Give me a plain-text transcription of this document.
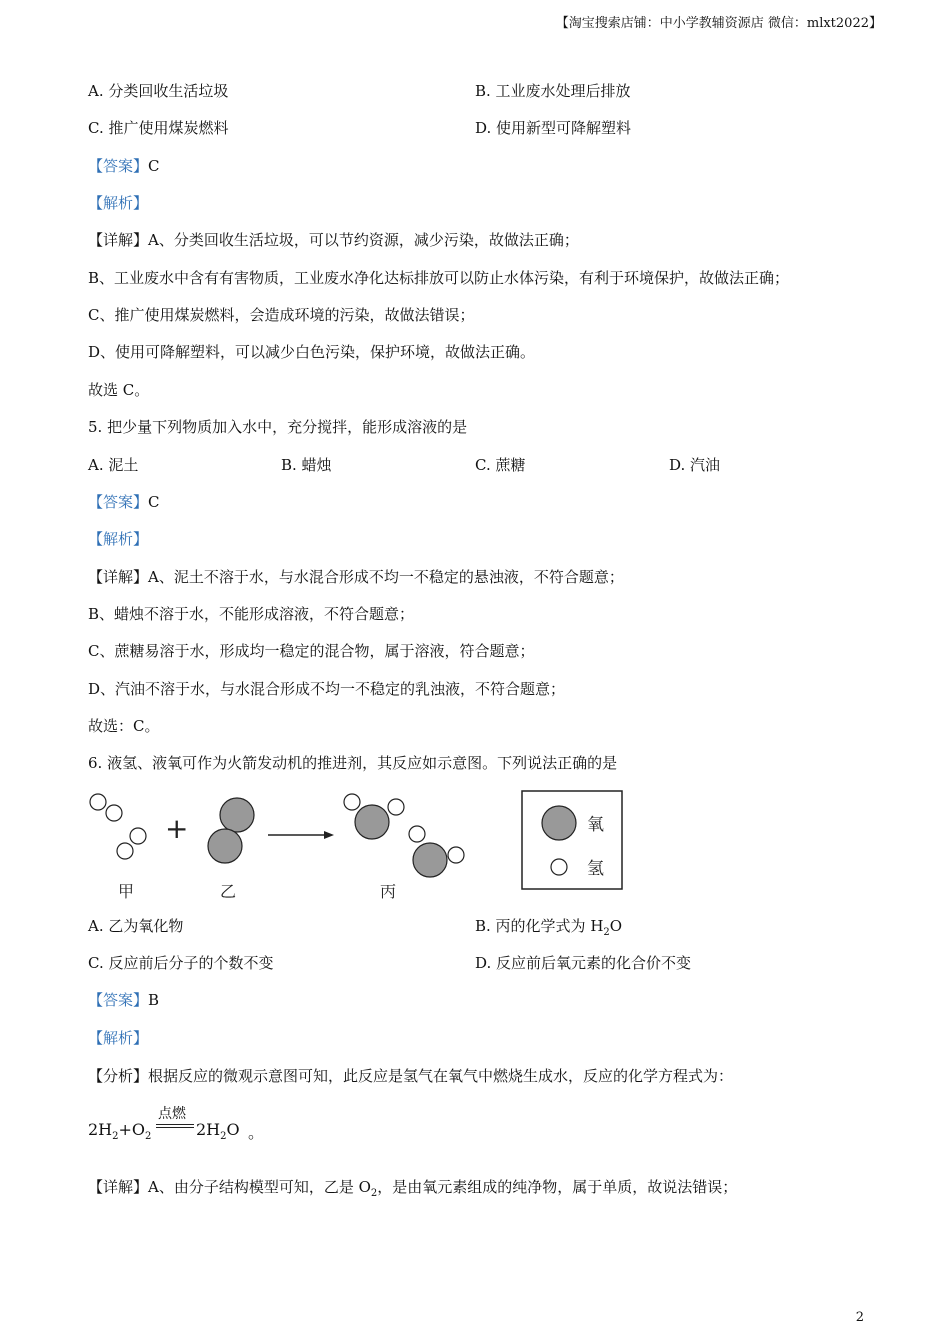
【淘宝搜索店铺：中小学教辅资源店 微信：mlxt2022】
A. 分类回收生活垃圾	B. 工业废水处理后排放
C. 推广使用煤炭燃料	D. 使用新型可降解塑料
【答案】C
【解析】
【详解】A、分类回收生活垃圾，可以节约资源，减少污染，故做法正确；
B、工业废水中含有有害物质，工业废水净化达标排放可以防止水体污染，有利于环境保护，故做法正确；
C、推广使用煤炭燃料，会造成环境的污染，故做法错误；
D、使用可降解塑料，可以减少白色污染，保护环境，故做法正确。
故选 C。
5. 把少量下列物质加入水中，充分搅拌，能形成溶液的是
A. 泥土	B. 蜡烛	C. 蔗糖	D. 汽油
【答案】C
【解析】
【详解】A、泥土不溶于水，与水混合形成不均一不稳定的悬浊液，不符合题意；
B、蜡烛不溶于水，不能形成溶液，不符合题意；
C、蔗糖易溶于水，形成均一稳定的混合物，属于溶液，符合题意；
D、汽油不溶于水，与水混合形成不均一不稳定的乳浊液，不符合题意；
故选：C。
6. 液氢、液氧可作为火箭发动机的推进剂，其反应如示意图。下列说法正确的是
+	氧
氢
甲	乙	丙
A. 乙为氧化物	B. 丙的化学式为 $H_2O$
C. 反应前后分子的个数不变	D. 反应前后氧元素的化合价不变
【答案】B
【解析】
【分析】根据反应的微观示意图可知，此反应是氢气在氧气中燃烧生成水，反应的化学方程式为：
$2H_2+O_2$
点燃
$2H_2O$ 。
【详解】A、由分子结构模型可知，乙是 $O_2$，是由氧元素组成的纯净物，属于单质，故说法错误；
2
